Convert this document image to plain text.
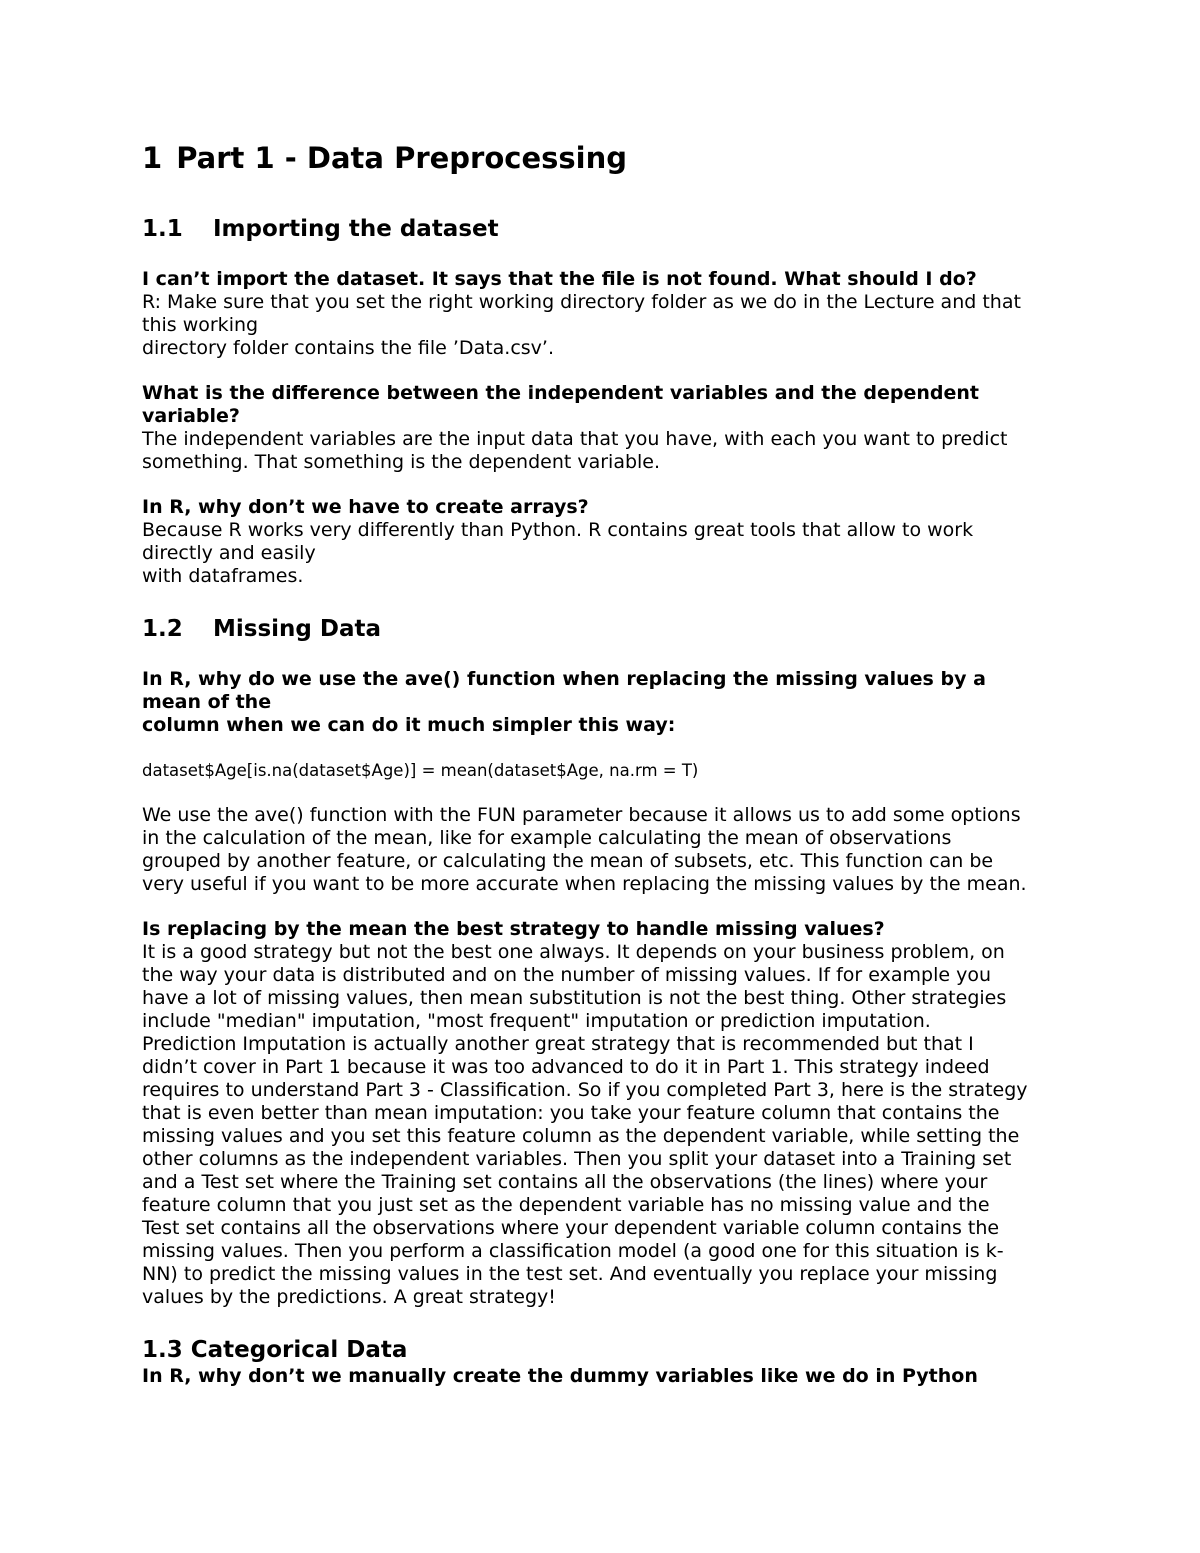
1 Part 1 - Data Preprocessing
1.1 Importing the dataset

I can’t import the dataset. It says that the file is not found. What should I do?

R: Make sure that you set the right working directory folder as we do in the Lecture and that
this working
directory folder contains the file ’Data.csv’.
What is the difference between the independent variables and the dependent
variable?
The independent variables are the input data that you have, with each you want to predict
something. That something is the dependent variable.

In R, why don’t we have to create arrays?

Because R works very differently than Python. R contains great tools that allow to work
directly and easily
with dataframes.
1.2 Missing Data
In R, why do we use the ave() function when replacing the missing values by a
mean of the
column when we can do it much simpler this way:
dataset$Age[is.na(dataset$Age)] = mean(dataset$Age, na.rm = T)
We use the ave() function with the FUN parameter because it allows us to add some options
in the calculation of the mean, like for example calculating the mean of observations
grouped by another feature, or calculating the mean of subsets, etc. This function can be
very useful if you want to be more accurate when replacing the missing values by the mean.

Is replacing by the mean the best strategy to handle missing values?

It is a good strategy but not the best one always. It depends on your business problem, on
the way your data is distributed and on the number of missing values. If for example you
have a lot of missing values, then mean substitution is not the best thing. Other strategies
include "median" imputation, "most frequent" imputation or prediction imputation.
Prediction Imputation is actually another great strategy that is recommended but that I
didn’t cover in Part 1 because it was too advanced to do it in Part 1. This strategy indeed
requires to understand Part 3 - Classification. So if you completed Part 3, here is the strategy
that is even better than mean imputation: you take your feature column that contains the
missing values and you set this feature column as the dependent variable, while setting the
other columns as the independent variables. Then you split your dataset into a Training set
and a Test set where the Training set contains all the observations (the lines) where your
feature column that you just set as the dependent variable has no missing value and the
Test set contains all the observations where your dependent variable column contains the
missing values. Then you perform a classification model (a good one for this situation is k-
NN) to predict the missing values in the test set. And eventually you replace your missing
values by the predictions. A great strategy!
1.3 Categorical Data

In R, why don’t we manually create the dummy variables like we do in Python
